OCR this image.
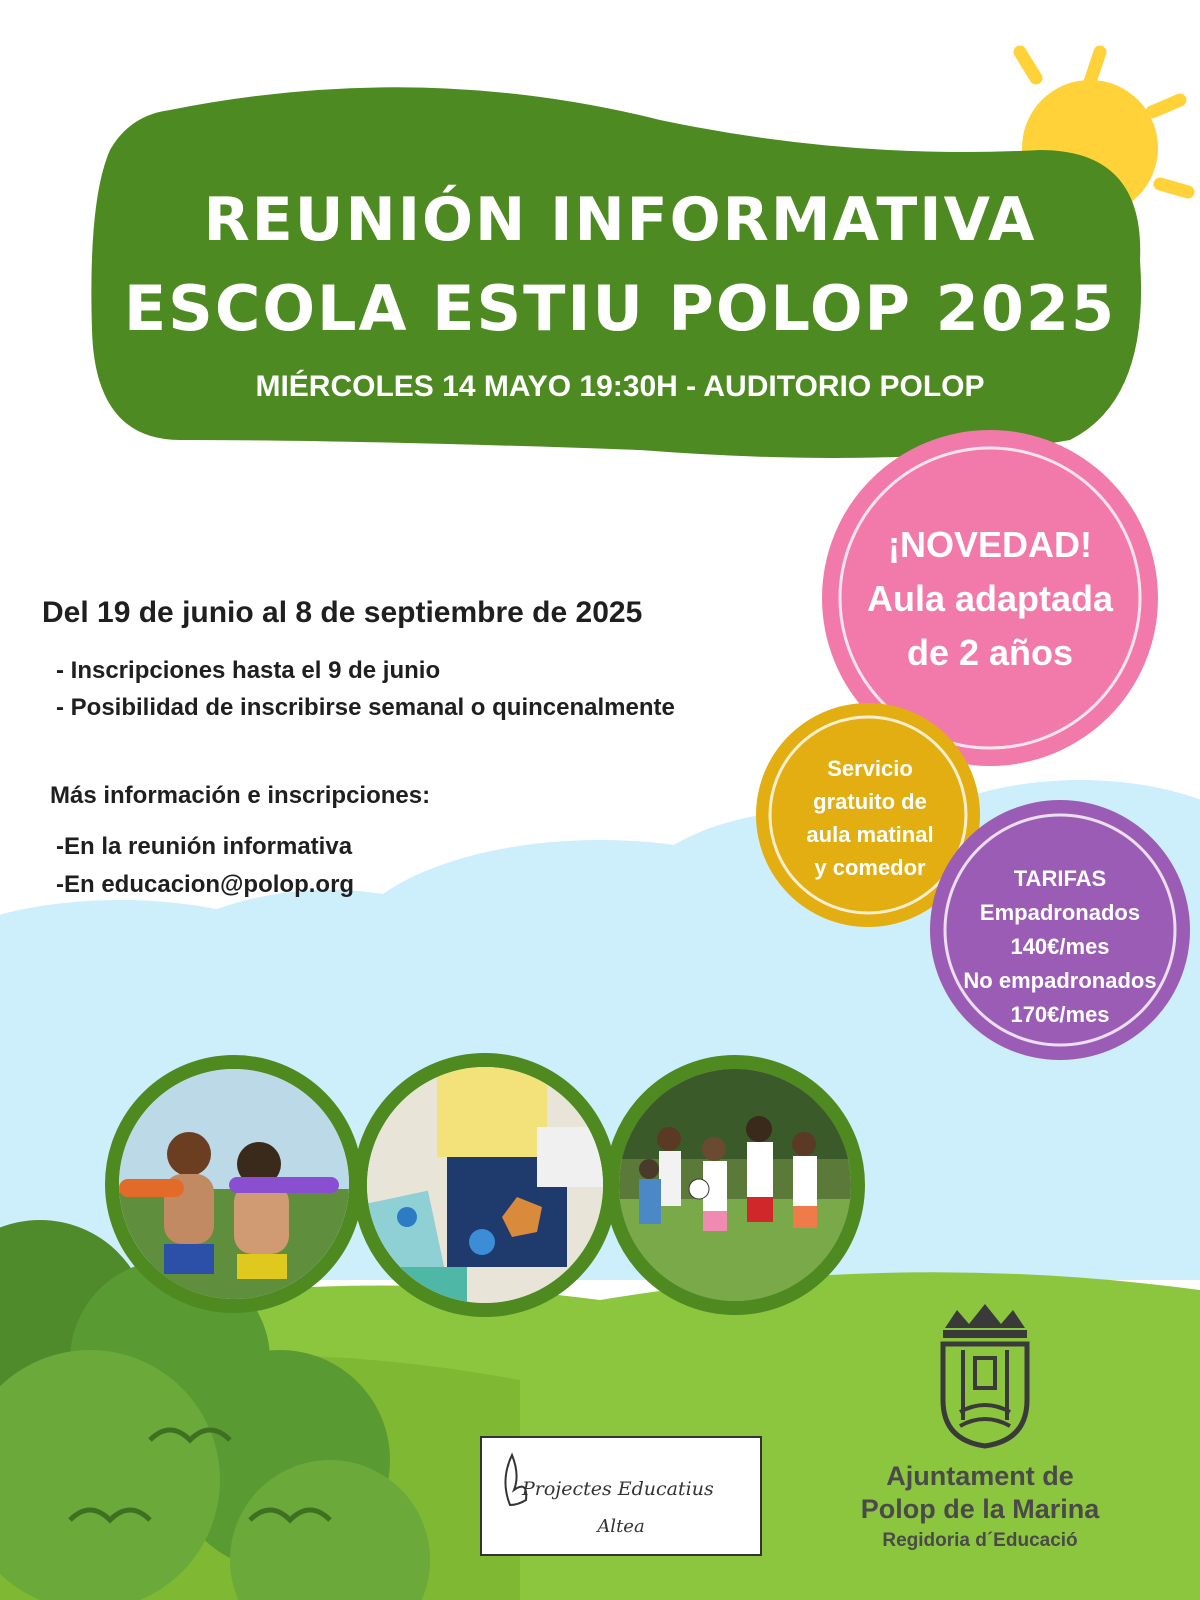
REUNIÓN INFORMATIVA
ESCOLA ESTIU POLOP 2025
MIÉRCOLES 14 MAYO 19:30H - AUDITORIO POLOP
¡NOVEDAD!
Aula adaptada
de 2 años
Servicio
gratuito de
aula matinal
y comedor	TARIFAS
Empadronados
140€/mes
No empadronados
170€/mes
Del 19 de junio al 8 de septiembre de 2025
- Inscripciones hasta el 9 de junio
- Posibilidad de inscribirse semanal o quincenalmente
Más información e inscripciones:
-En la reunión informativa
-En educacion@polop.org
Projectes Educatius
Altea
Ajuntament de
Polop de la Marina
Regidoria d´Educació
